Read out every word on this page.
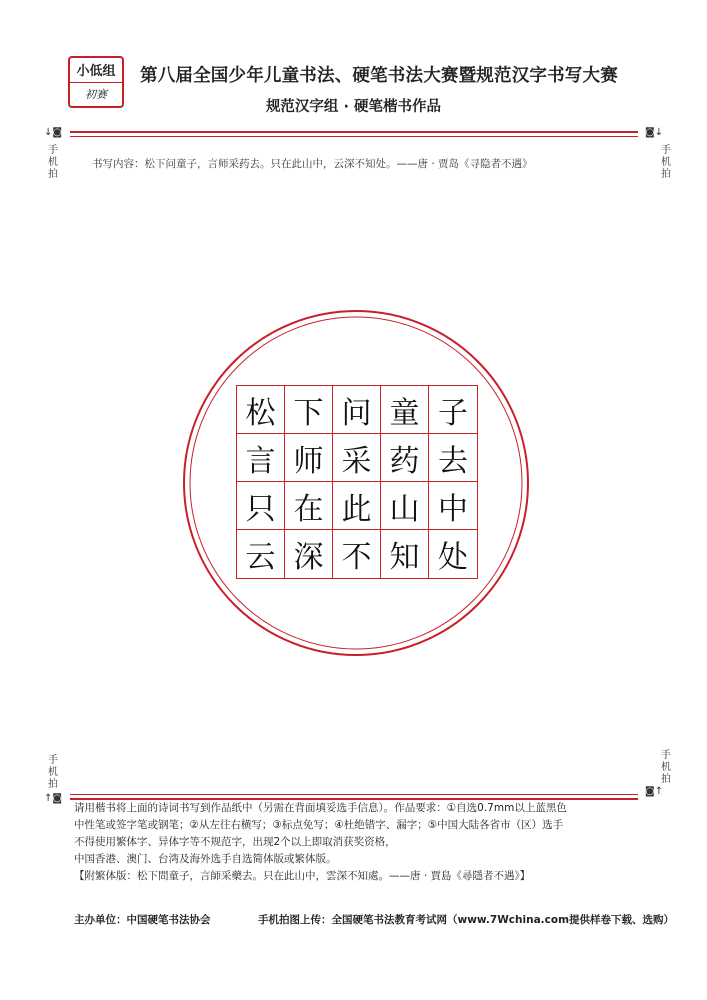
小低组
初赛
第八届全国少年儿童书法、硬笔书法大赛暨规范汉字书写大赛
规范汉字组 · 硬笔楷书作品
↓◙	◙↓
手机拍
手机拍
书写内容：松下问童子，言师采药去。只在此山中，云深不知处。——唐 · 贾岛《寻隐者不遇》
松 下 问 童 子
言 师 采 药 去
只 在 此 山 中
云 深 不 知 处
手机拍
手机拍
↑◙
◙↑

请用楷书将上面的诗词书写到作品纸中（另需在背面填妥选手信息）。作品要求：①自选0.7mm以上蓝黑色

中性笔或签字笔或钢笔；②从左往右横写；③标点免写；④杜绝错字、漏字；⑤中国大陆各省市（区）选手

不得使用繁体字、异体字等不规范字，出现2个以上即取消获奖资格，

中国香港、澳门、台湾及海外选手自选简体版或繁体版。

【附繁体版：松下問童子，言師采藥去。只在此山中，雲深不知處。——唐 · 賈島《尋隱者不遇》】

主办单位：中国硬笔书法协会	手机拍图上传：全国硬笔书法教育考试网（www.7Wchina.com提供样卷下载、选购）
